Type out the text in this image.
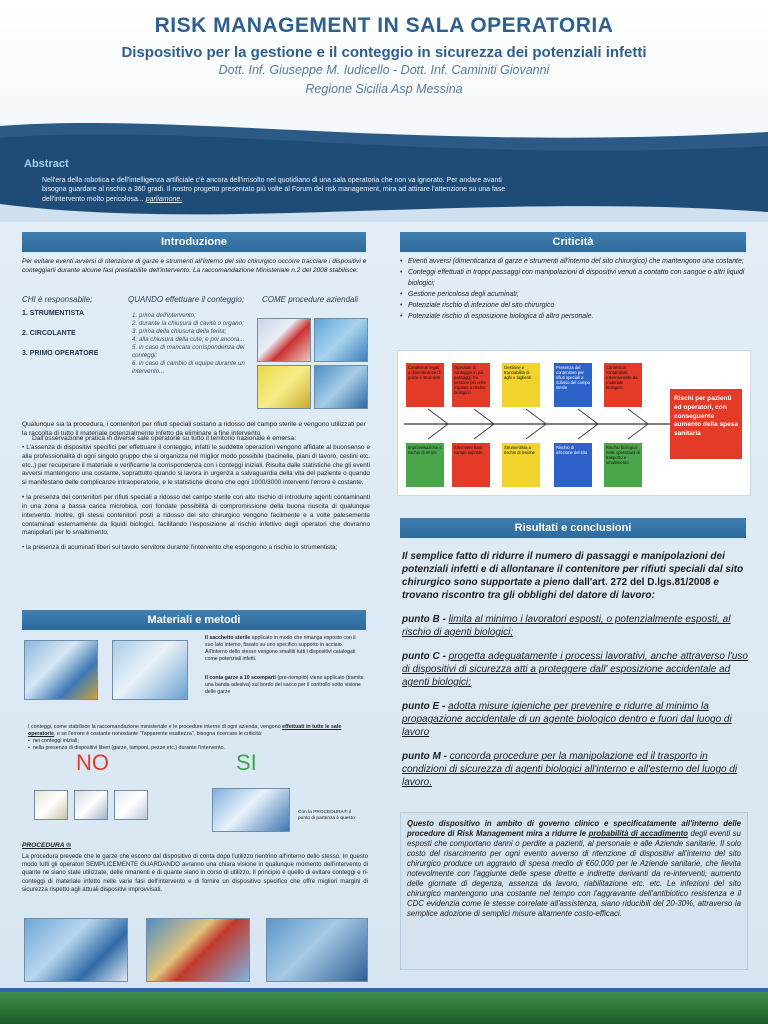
RISK MANAGEMENT IN SALA OPERATORIA
Dispositivo per la gestione e il conteggio in sicurezza dei potenziali infetti
Dott. Inf. Giuseppe M. Iudicello - Dott. Inf. Caminiti Giovanni
Regione Sicilia Asp Messina
Abstract
Nell'era della robotica e dell'intelligenza artificiale c'è ancora dell'irrisolto nel quotidiano di una sala operatoria che non va ignorato. Per andare avanti bisogna guardare al rischio a 360 gradi. Il nostro progetto presentato più volte al Forum del risk management, mira ad attirare l'attenzione su una fase dell'intervento molto pericolosa... parliamone.
Introduzione
Per evitare eventi avversi di ritenzione di garze e strumenti all'interno del sito chirurgico occorre tracciare i dispositivi e conteggiarli durante alcune fasi prestabilite dell'intervento. La raccomandazione Ministeriale n.2 del 2008 stabilisce:
CHI è responsabile;	QUANDO effettuare il conteggio; COME procedure aziendali
1. STRUMENTISTA
2. CIRCOLANTE
3. PRIMO OPERATORE
1. prima dell'intervento;
2. durante la chiusura di cavità o organo;
3. prima della chiusura della ferita;
4. alla chiusura della cute; e poi ancora...
5. in caso di mancata corrispondenza dei conteggi;
6. in caso di cambio di equipe durante un intervento...
Qualunque sia la procedura, i contenitori per rifiuti speciali sostano a ridosso del campo sterile e vengono utilizzati per la raccolta di tutto il materiale potenzialmente infetto da eliminare a fine intervento
Dall'osservazione pratica in diverse sale operatorie su tutto il territorio nazionale è emersa:

• L'assenza di dispositivi specifici per effettuare il conteggio, infatti le suddette operazioni vengono affidate al buonsenso e alla professionalità di ogni singolo gruppo che si organizza nel miglior modo possibile (bacinelle, piani di lavoro, cestini etc. etc.,) per recuperare il materiale e verificarne la corrispondenza con i conteggi iniziali. Risulta dalle statistiche che gli eventi avversi mantengono una costante, soprattutto quando si lavora in urgenza a salvaguardia della vita del paziente o quando si manifestano delle complicanze intraoperatorie, e le statistiche dicono che ogni 1000/3000 interventi l'errore è costante.

• la presenza dei contenitori per rifiuti speciali a ridosso del campo sterile con alto rischio di introdurre agenti contaminanti in una zona a bassa carica microbica, con fondate possibilità di compromissione della buona riuscita di qualunque intervento. Inoltre, gli stessi contenitori posti a ridosso del sito chirurgico vengono facilmente e a volte palesemente contaminati esternamente da liquidi biologici, facilitando l'esposizione al rischio infettivo degli operatori che dovranno manipolarli per lo smaltimento;

• la presenza di acuminati liberi sul tavolo servitore durante l'intervento che espongono a rischio lo strumentista;

Materiali e metodi
Il sacchetto sterile applicato in modo che rimanga esposto con il suo lato interno, fissato su uno specifico supporto in acciaio. All'interno dello stesso vengono smaltiti tutti i dispositivi catalogati come potenziali infetti.
Il conta garze a 10 scomparti (pre-riempito) viene applicato (tramite una banda adesiva) sul bordo del sacco per il controllo sotto visione delle garze
I conteggi, come stabilisce la raccomandazione ministeriale e le procedure interne di ogni azienda, vengono effettuati in tutte le sale operatorie, e se l'errore è costante nonostante "l'apparente esattezza", bisogna ricercare le criticità:
•  nei conteggi iniziali;
•  nella presenza di dispositivi liberi (garze, tamponi, pezze etc.) durante l'intervento.
NO	SI
Con la PROCEDURA® il punto di partenza è questo
PROCEDURA ®
La procedura prevede che le garze che escono dal dispositivo di conta dopo l'utilizzo rientrino all'interno dello stesso. In questo modo tutti gli operatori SEMPLICEMENTE GUARDANDO avranno una chiara visione in qualunque momento dell'intervento di quante ne siano state utilizzate, delle rimanenti e di quante siano in corso di utilizzo. Il principio è quello di evitare conteggi e ri-conteggi di materiale infetto nelle varie fasi dell'intervento e di fornire un dispositivo specifico che offre migliori margini di sicurezza rispetto agli attuali dispositivi improvvisati.
Criticità
• Eventi avversi (dimenticanza di garze e strumenti all'interno del sito chirurgico) che mantengono una costante;
• Conteggi effettuati in troppi passaggi con manipolazioni di dispositivi venuti a contatto con sangue o altri liquidi biologici;
• Gestione pericolosa degli acuminati;
• Potenziale rischio di infezione del sito chirurgico
• Potenziale rischio di esposizione biologica di altro personale.
Contenitori legati a dimenticanze di garze e strumenti
Operatori di conteggio in più passaggi, fra persone più volte esposte a rischio biologico
Gestione e tracciabilità di aghi e taglienti
Presenza del contenitore per rifiuti speciali a ridosso del campo sterile
Contenitori contaminati esternamente da materiale biologico
Improvvisazione e rischio di errore
Infermiere fuori campo esposto
Strumentista a rischio di lesione
Rischio di infezione del sito
Rischio biologico nelle operazioni di trasporto e smaltimento
Rischi per pazienti ed operatori, con conseguente aumento della spesa sanitaria
Risultati e conclusioni
Il semplice fatto di ridurre il numero di passaggi e manipolazioni dei potenziali infetti e di allontanare il contenitore per rifiuti speciali dal sito chirurgico sono supportate a pieno dall'art. 272 del D.lgs.81/2008 e trovano riscontro tra gli obblighi del datore di lavoro:
punto B - limita al minimo i lavoratori esposti, o potenzialmente esposti, al rischio di agenti biologici;
punto C - progetta adeguatamente i processi lavorativi, anche attraverso l'uso di dispositivi di sicurezza atti a proteggere dall' esposizione accidentale ad agenti biologici;
punto E - adotta misure igieniche per prevenire e ridurre al minimo la propagazione accidentale di un agente biologico dentro e fuori dal luogo di lavoro
punto M - concorda procedure per la manipolazione ed il trasporto in condizioni di sicurezza di agenti biologici all'interno e all'esterno del luogo di lavoro.
Questo dispositivo in ambito di governo clinico e specificatamente all'interno delle procedure di Risk Management mira a ridurre le probabilità di accadimento degli eventi su esposti che comportano danni o perdite a pazienti, al personale e alle Aziende sanitarie. Il solo costo del risarcimento per ogni evento avverso di ritenzione di dispositivi all'interno del sito chirurgico produce un aggravio di spesa medio di €60.000 per le Aziende sanitarie, che lievita notevolmente con l'aggiunte delle spese dirette e indirette derivanti da re-interventi, aumento delle giornate di degenza, assenza da lavoro, riabilitazione etc. etc. Le infezioni del sito chirurgico mantengono una costante nel tempo con l'aggravante dell'antibiotico resistenza e il CDC evidenzia come le stesse correlate all'assistenza, siano riducibili del 20-30%, attraverso la semplice adozione di semplici misure altamente costo-efficaci.
